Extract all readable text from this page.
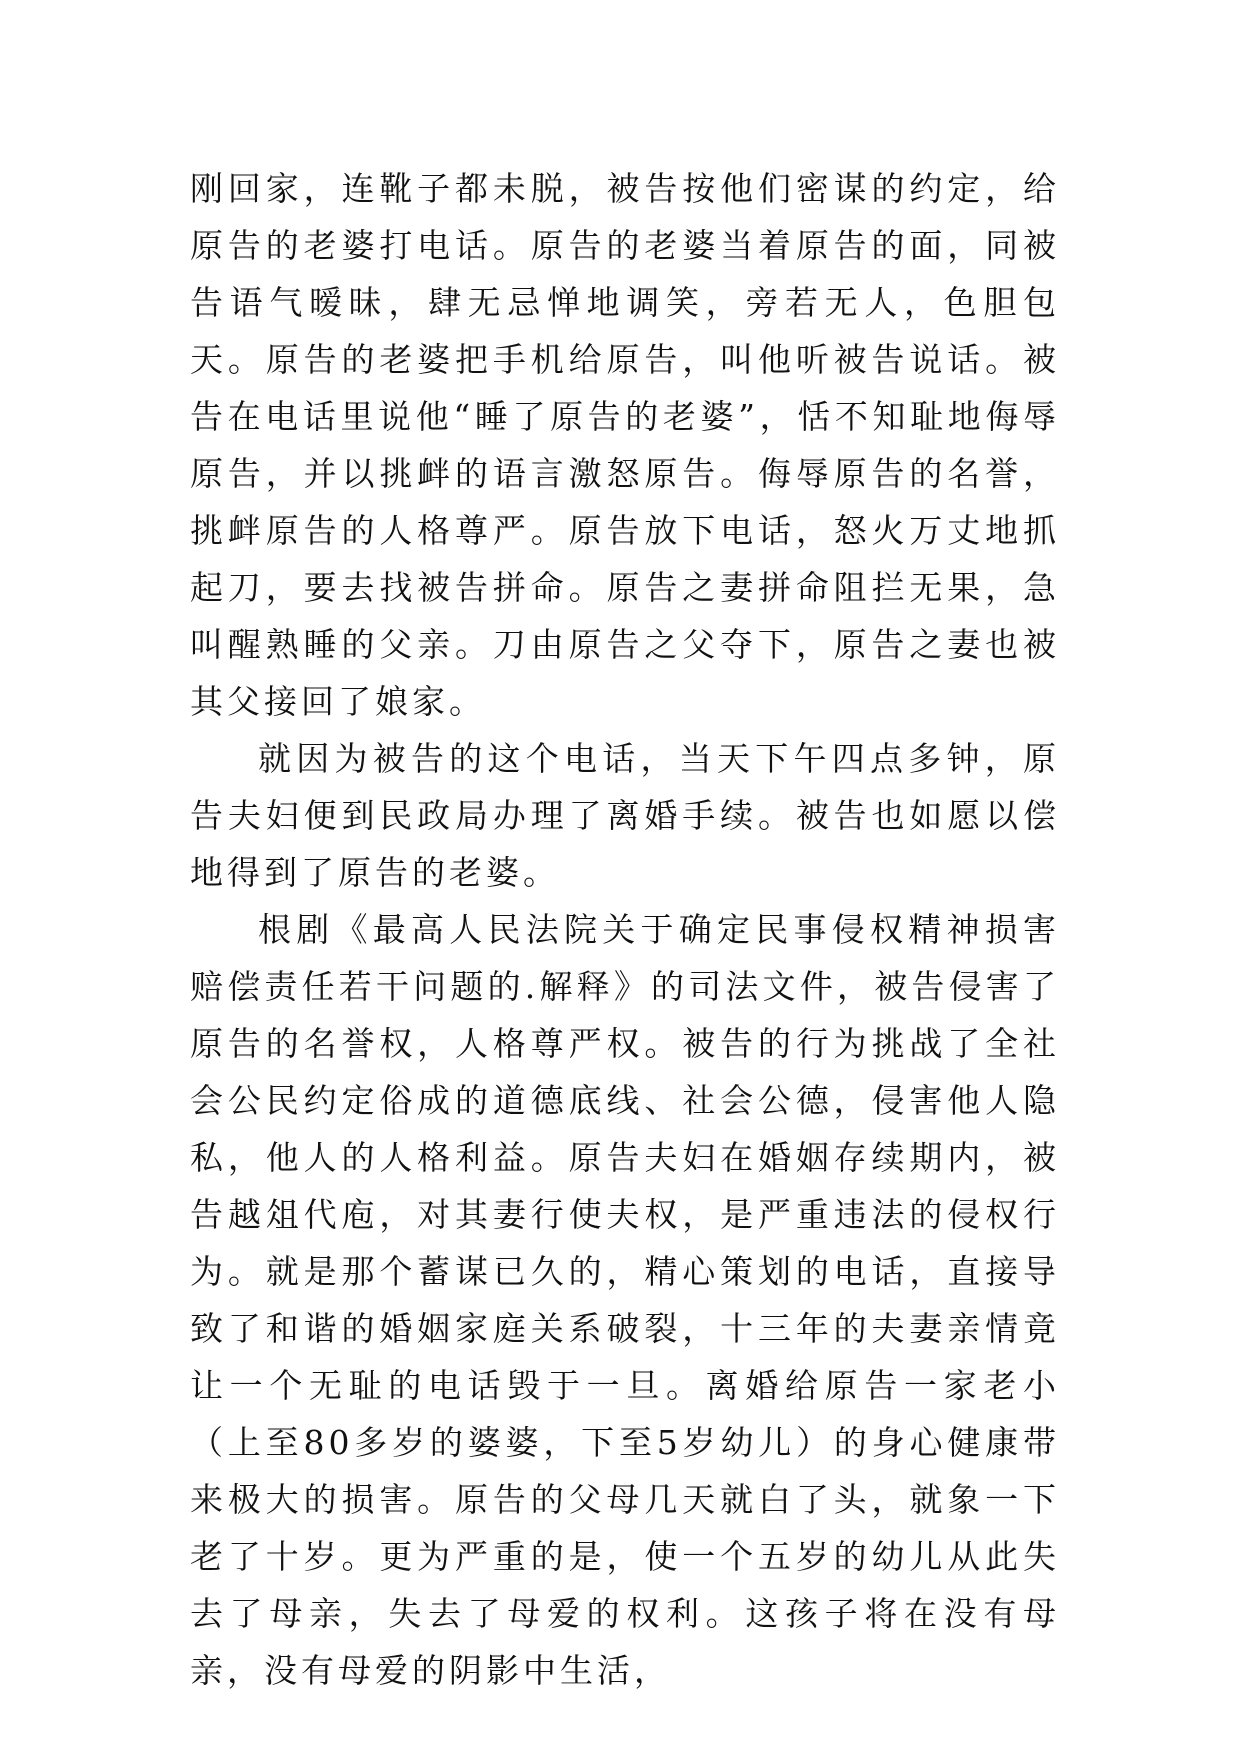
刚回家，连靴子都未脱，被告按他们密谋的约定，给原告的老婆打电话。原告的老婆当着原告的面，同被告语气暧昧，肆无忌惮地调笑，旁若无人，色胆包天。原告的老婆把手机给原告，叫他听被告说话。被告在电话里说他“睡了原告的老婆”，恬不知耻地侮辱原告，并以挑衅的语言激怒原告。侮辱原告的名誉，挑衅原告的人格尊严。原告放下电话，怒火万丈地抓起刀，要去找被告拼命。原告之妻拼命阻拦无果，急叫醒熟睡的父亲。刀由原告之父夺下，原告之妻也被其父接回了娘家。

就因为被告的这个电话，当天下午四点多钟，原告夫妇便到民政局办理了离婚手续。被告也如愿以偿地得到了原告的老婆。

根剧《最高人民法院关于确定民事侵权精神损害赔偿责任若干问题的.解释》的司法文件，被告侵害了原告的名誉权，人格尊严权。被告的行为挑战了全社会公民约定俗成的道德底线、社会公德，侵害他人隐私，他人的人格利益。原告夫妇在婚姻存续期内，被告越俎代庖，对其妻行使夫权，是严重违法的侵权行为。就是那个蓄谋已久的，精心策划的电话，直接导致了和谐的婚姻家庭关系破裂，十三年的夫妻亲情竟让一个无耻的电话毁于一旦。离婚给原告一家老小（上至80多岁的婆婆，下至5岁幼儿）的身心健康带来极大的损害。原告的父母几天就白了头，就象一下老了十岁。更为严重的是，使一个五岁的幼儿从此失去了母亲，失去了母爱的权利。这孩子将在没有母亲，没有母爱的阴影中生活，
